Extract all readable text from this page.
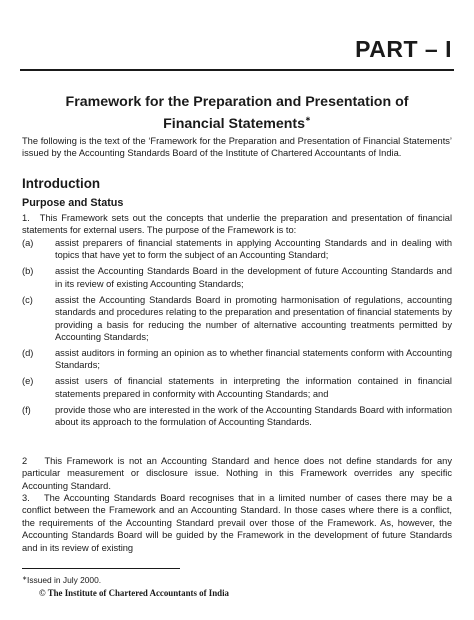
PART – I
Framework for the Preparation and Presentation of
Financial Statements∗
The following is the text of the ‘Framework for the Preparation and Presentation of Financial Statements’ issued by the Accounting Standards Board of the Institute of Chartered Accountants of India.
Introduction
Purpose and Status
1. This Framework sets out the concepts that underlie the preparation and presentation of financial statements for external users. The purpose of the Framework is to:
(a)	assist preparers of financial statements in applying Accounting Standards and in dealing with topics that have yet to form the subject of an Accounting Standard;
(b)	assist the Accounting Standards Board in the development of future Accounting Standards and in its review of existing Accounting Standards;
(c)	assist the Accounting Standards Board in promoting harmonisation of regulations, accounting standards and procedures relating to the preparation and presentation of financial statements by providing a basis for reducing the number of alternative accounting treatments permitted by Accounting Standards;
(d)	assist auditors in forming an opinion as to whether financial statements conform with Accounting Standards;
(e)	assist users of financial statements in interpreting the information contained in financial statements prepared in conformity with Accounting Standards; and
(f)	provide those who are interested in the work of the Accounting Standards Board with information about its approach to the formulation of Accounting Standards.
2 This Framework is not an Accounting Standard and hence does not define standards for any particular measurement or disclosure issue. Nothing in this Framework overrides any specific Accounting Standard.
3. The Accounting Standards Board recognises that in a limited number of cases there may be a conflict between the Framework and an Accounting Standard. In those cases where there is a conflict, the requirements of the Accounting Standard prevail over those of the Framework. As, however, the Accounting Standards Board will be guided by the Framework in the development of future Standards and in its review of existing
∗Issued in July 2000.
© The Institute of Chartered Accountants of India
